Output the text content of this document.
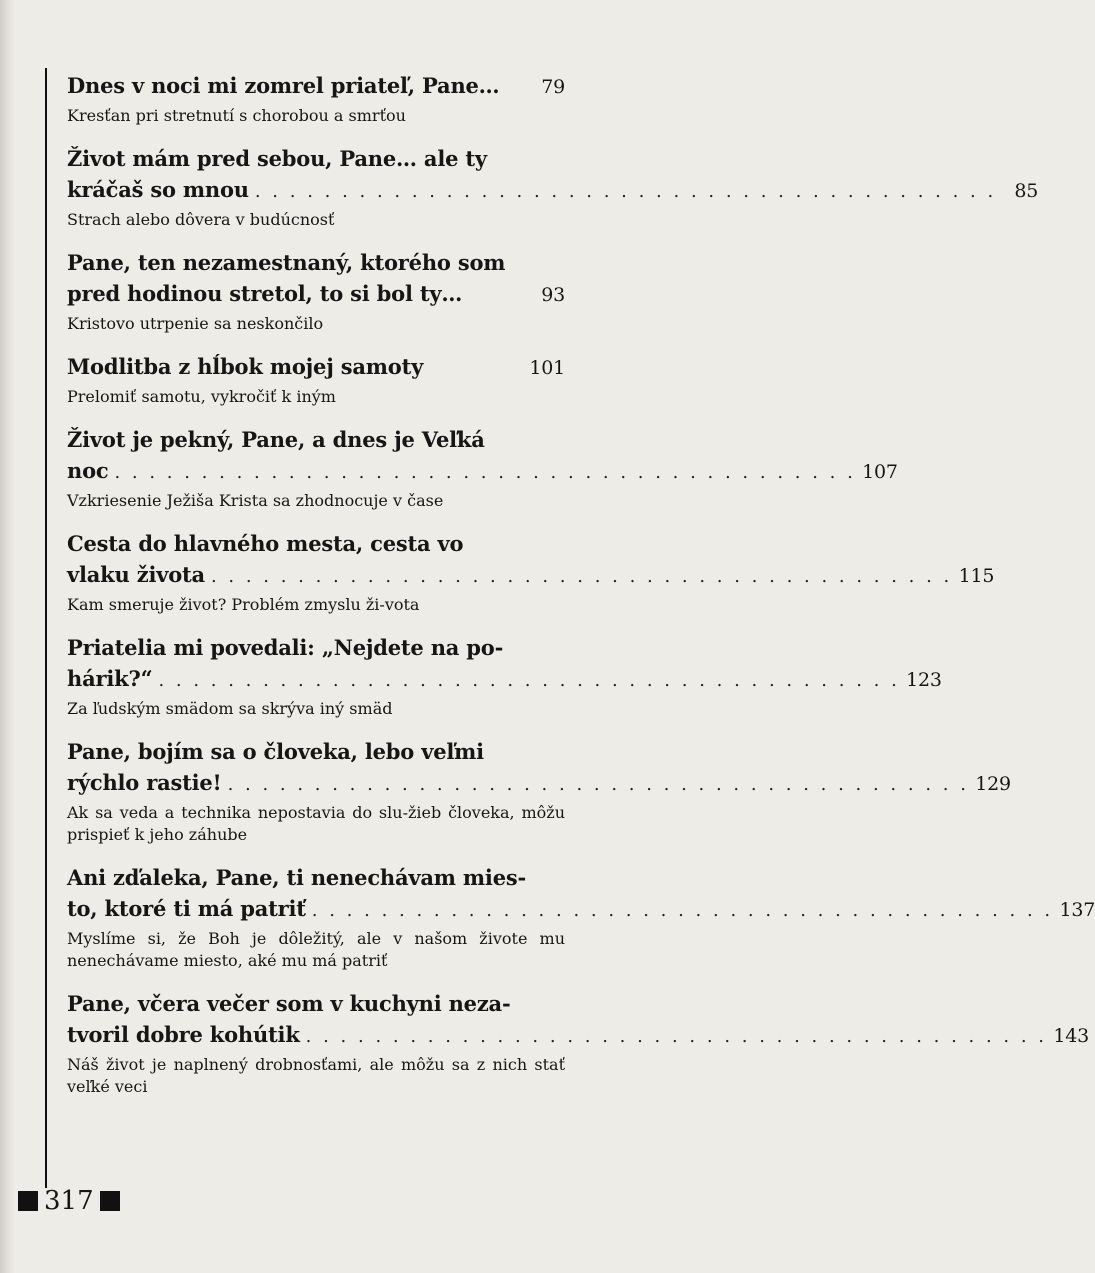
Dnes v noci mi zomrel priateľ, Pane…	79
Kresťan pri stretnutí s chorobou a smrťou
Život mám pred sebou, Pane… ale ty
kráčaš so mnou . . . . . . . . . . . . . . . . . . . . . . . . . . . . . . . . . . . . . . . . . . . 85
Strach alebo dôvera v budúcnosť
Pane, ten nezamestnaný, ktorého som
pred hodinou stretol, to si bol ty…	93
Kristovo utrpenie sa neskončilo
Modlitba z hĺbok mojej samoty	101
Prelomiť samotu, vykročiť k iným
Život je pekný, Pane, a dnes je Veľká
noc . . . . . . . . . . . . . . . . . . . . . . . . . . . . . . . . . . . . . . . . . . . 107
Vzkriesenie Ježiša Krista sa zhodnocuje v čase
Cesta do hlavného mesta, cesta vo
vlaku života . . . . . . . . . . . . . . . . . . . . . . . . . . . . . . . . . . . . . . . . . . . 115
Kam smeruje život? Problém zmyslu ži-vota
Priatelia mi povedali: „Nejdete na po-
hárik?“ . . . . . . . . . . . . . . . . . . . . . . . . . . . . . . . . . . . . . . . . . . . 123
Za ľudským smädom sa skrýva iný smäd
Pane, bojím sa o človeka, lebo veľmi
rýchlo rastie! . . . . . . . . . . . . . . . . . . . . . . . . . . . . . . . . . . . . . . . . . . . 129
Ak sa veda a technika nepostavia do slu-žieb človeka, môžu prispieť k jeho záhube
Ani zďaleka, Pane, ti nenechávam mies-
to, ktoré ti má patriť . . . . . . . . . . . . . . . . . . . . . . . . . . . . . . . . . . . . . . . . . . . 137
Myslíme si, že Boh je dôležitý, ale v našom živote mu nenechávame miesto, aké mu má patriť
Pane, včera večer som v kuchyni neza-
tvoril dobre kohútik . . . . . . . . . . . . . . . . . . . . . . . . . . . . . . . . . . . . . . . . . . . 143
Náš život je naplnený drobnosťami, ale môžu sa z nich stať veľké veci
317
